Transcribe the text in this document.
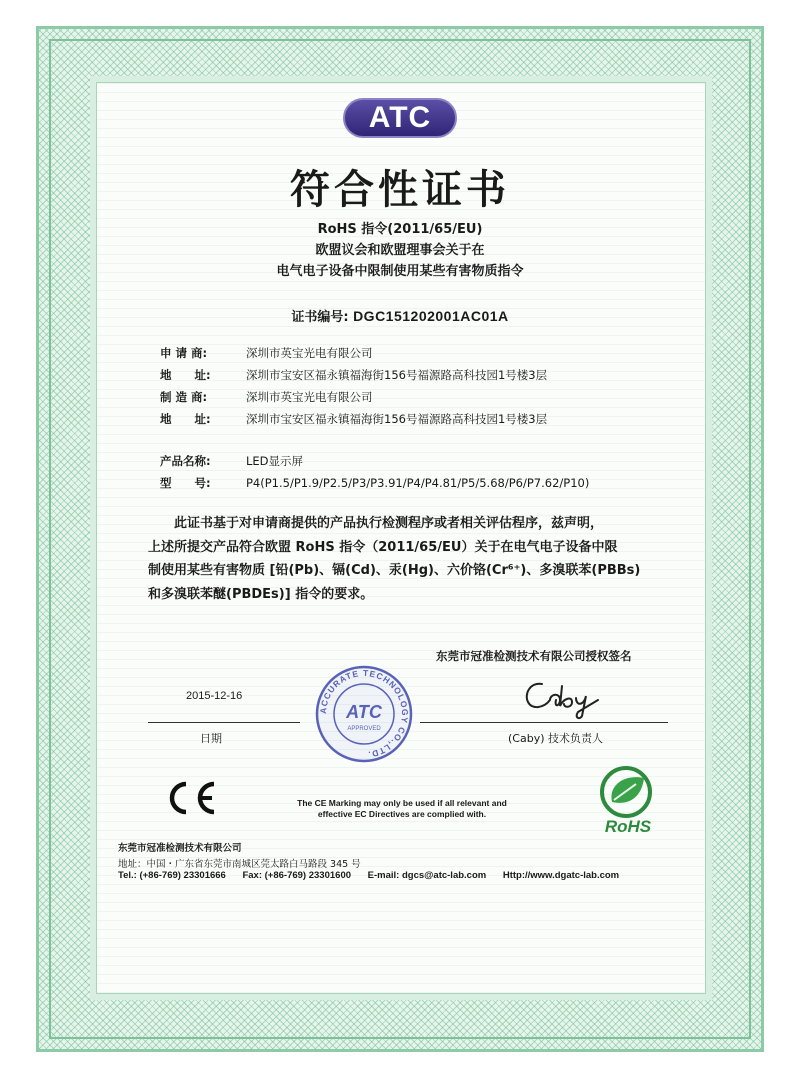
ATC
符合性证书
RoHS 指令(2011/65/EU)
欧盟议会和欧盟理事会关于在
电气电子设备中限制使用某些有害物质指令
证书编号: DGC151202001AC01A
申 请 商:	深圳市英宝光电有限公司
地　　址:	深圳市宝安区福永镇福海街156号福源路高科技园1号楼3层
制 造 商:	深圳市英宝光电有限公司
地　　址:	深圳市宝安区福永镇福海街156号福源路高科技园1号楼3层
产品名称:	LED显示屏
型　　号:	P4(P1.5/P1.9/P2.5/P3/P3.91/P4/P4.81/P5/5.68/P6/P7.62/P10)

此证书基于对申请商提供的产品执行检测程序或者相关评估程序，兹声明，

上述所提交产品符合欧盟 RoHS 指令（2011/65/EU）关于在电气电子设备中限

制使用某些有害物质 [铅(Pb)、镉(Cd)、汞(Hg)、六价铬(Cr⁶⁺)、多溴联苯(PBBs)

和多溴联苯醚(PBDEs)] 指令的要求。

东莞市冠准检测技术有限公司授权签名
2015-12-16
日期	(Caby) 技术负责人
ACCURATE TECHNOLOGY CO.,LTD.
ATC
APPROVED
The CE Marking may only be used if all relevant and
effective EC Directives are complied with.
RoHS
东莞市冠准检测技术有限公司
地址：中国・广东省东莞市南城区莞太路白马路段 345 号
Tel.: (+86-769) 23301666 Fax: (+86-769) 23301600 E-mail: dgcs@atc-lab.com Http://www.dgatc-lab.com
